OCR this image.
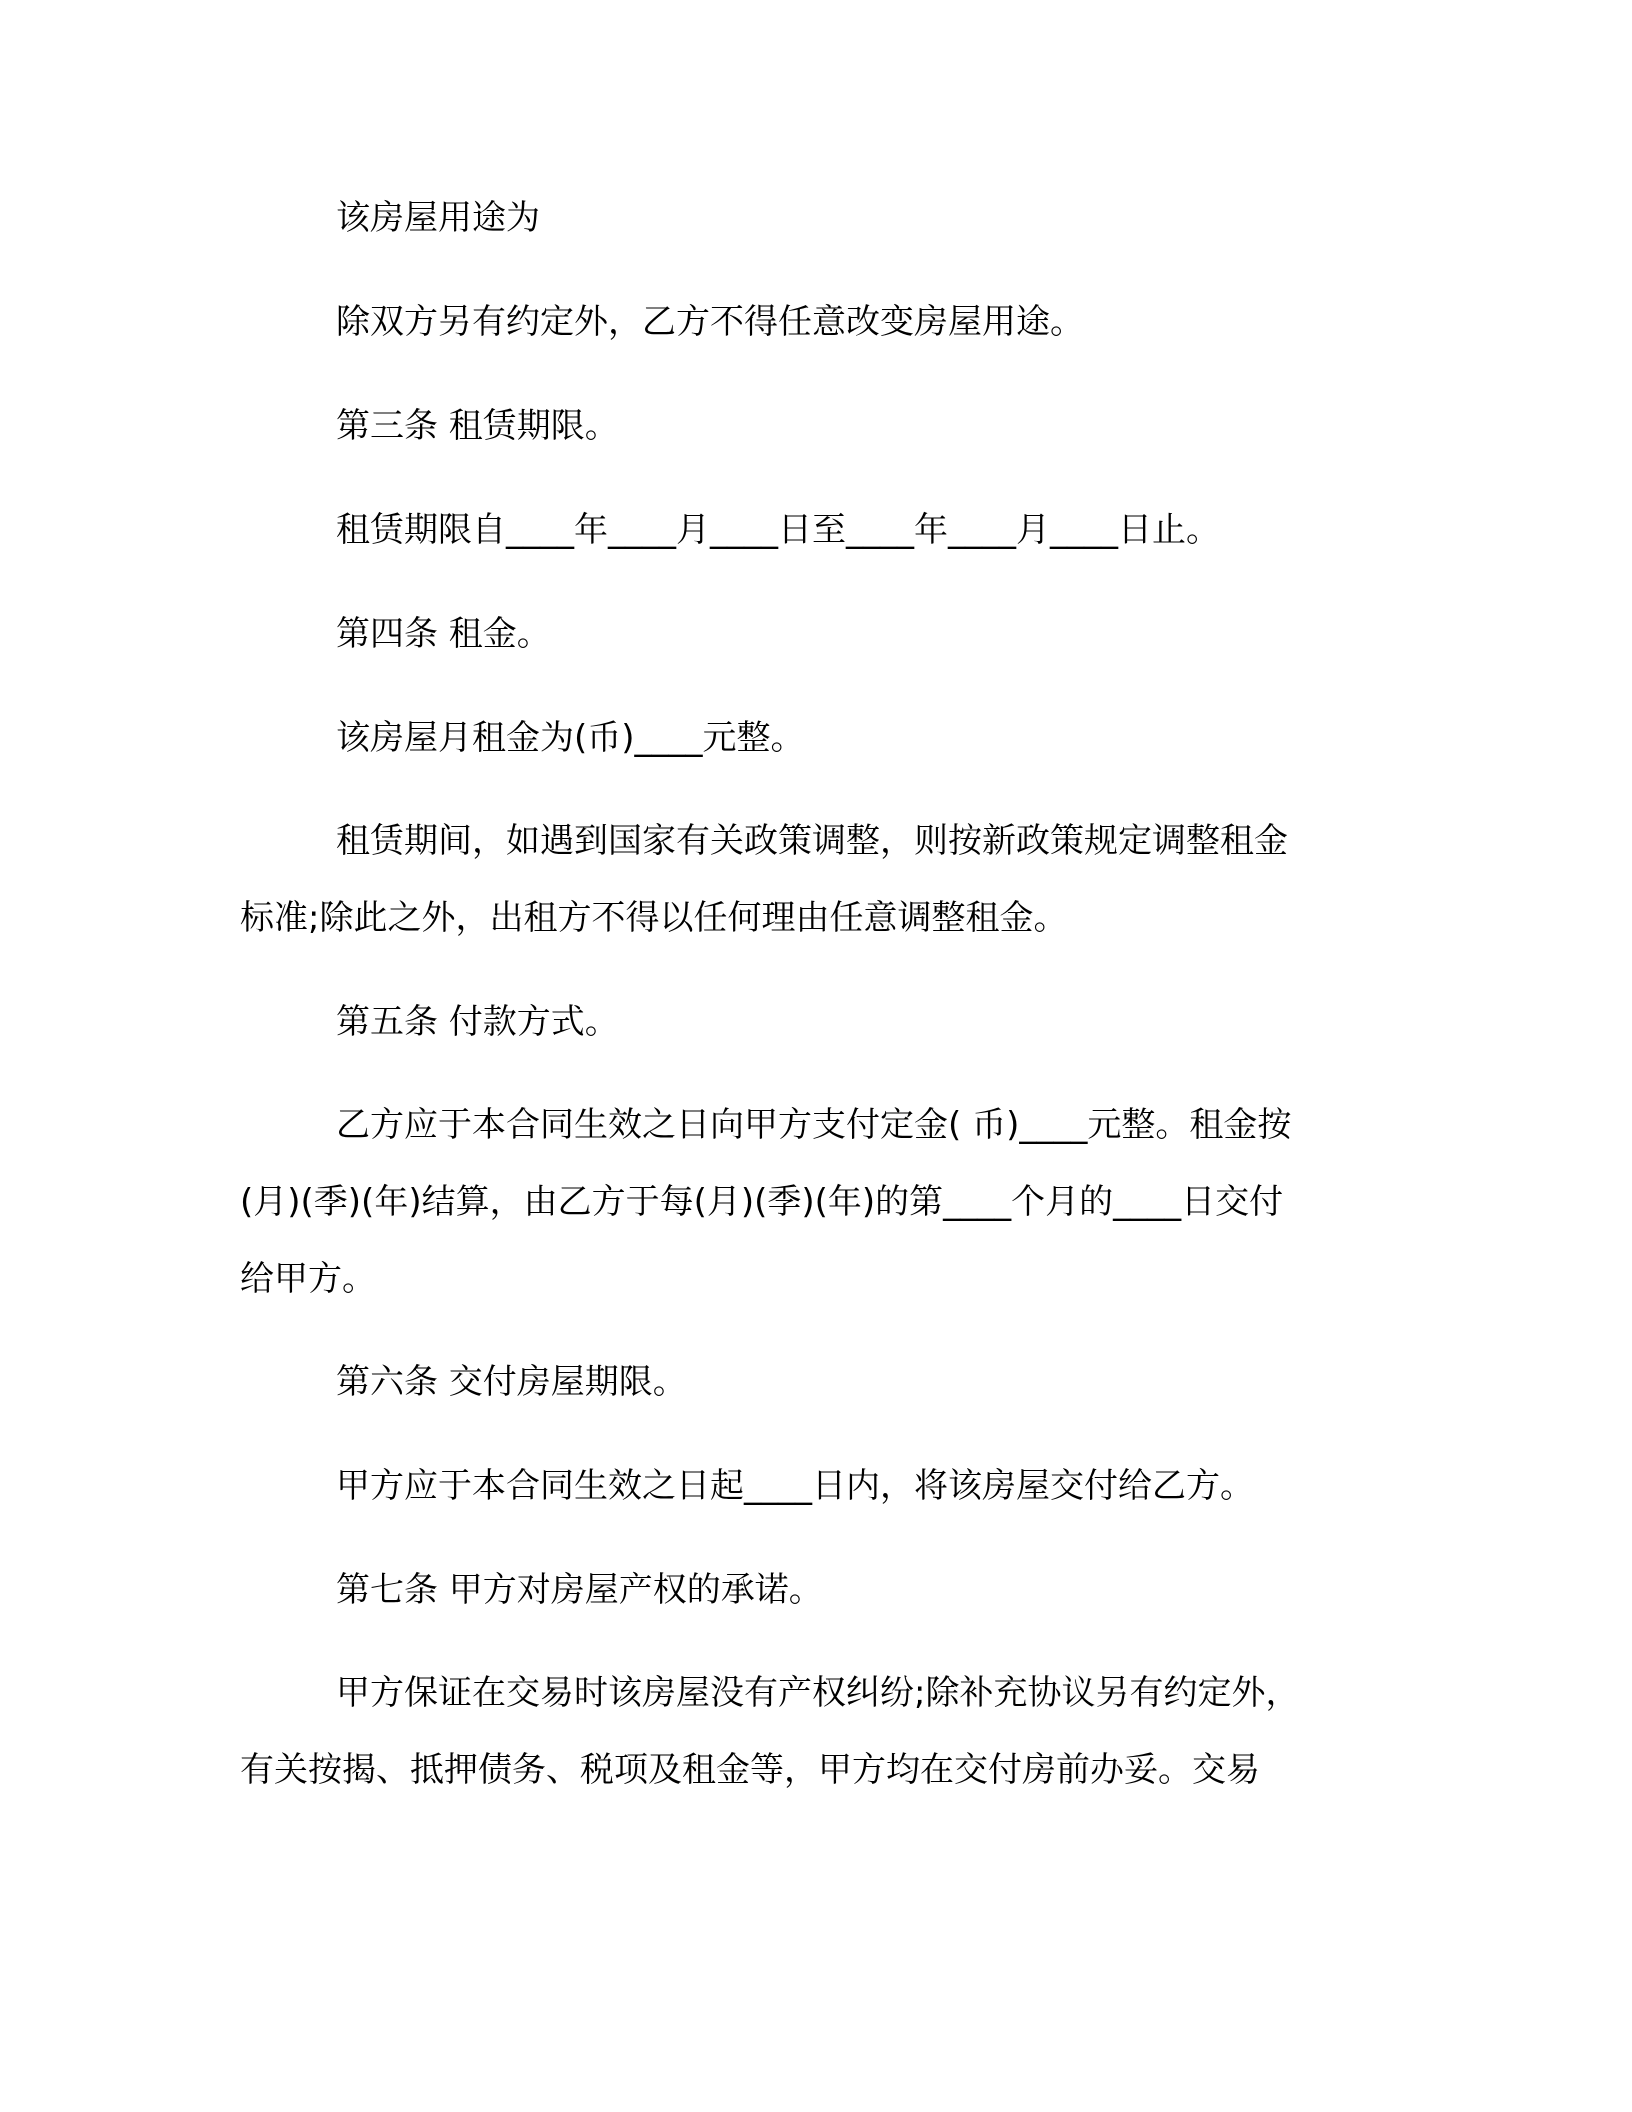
该房屋用途为

除双方另有约定外，乙方不得任意改变房屋用途。

第三条 租赁期限。

租赁期限自____年____月____日至____年____月____日止。

第四条 租金。

该房屋月租金为(币)____元整。

租赁期间，如遇到国家有关政策调整，则按新政策规定调整租金

标准;除此之外，出租方不得以任何理由任意调整租金。

第五条 付款方式。

乙方应于本合同生效之日向甲方支付定金( 币)____元整。租金按

(月)(季)(年)结算，由乙方于每(月)(季)(年)的第____个月的____日交付

给甲方。

第六条 交付房屋期限。

甲方应于本合同生效之日起____日内，将该房屋交付给乙方。

第七条 甲方对房屋产权的承诺。

甲方保证在交易时该房屋没有产权纠纷;除补充协议另有约定外，

有关按揭、抵押债务、税项及租金等，甲方均在交付房前办妥。交易
